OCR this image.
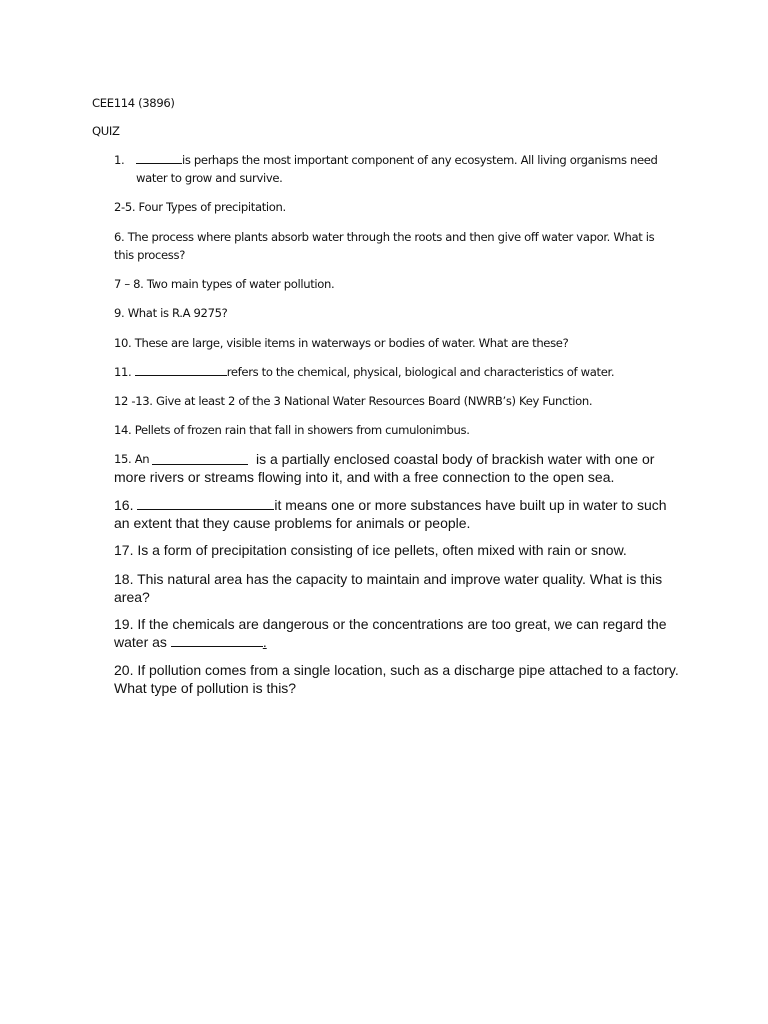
CEE114 (3896)
QUIZ
1.	is perhaps the most important component of any ecosystem. All living organisms need
water to grow and survive.
2-5. Four Types of precipitation.
6. The process where plants absorb water through the roots and then give off water vapor. What is
this process?
7 – 8. Two main types of water pollution.
9. What is R.A 9275?
10. These are large, visible items in waterways or bodies of water. What are these?
11.	refers to the chemical, physical, biological and characteristics of water.
12 -13. Give at least 2 of the 3 National Water Resources Board (NWRB’s) Key Function.
14. Pellets of frozen rain that fall in showers from cumulonimbus.
15. An	is a partially enclosed coastal body of brackish water with one or
more rivers or streams flowing into it, and with a free connection to the open sea.
16.	it means one or more substances have built up in water to such
an extent that they cause problems for animals or people.
17. Is a form of precipitation consisting of ice pellets, often mixed with rain or snow.
18. This natural area has the capacity to maintain and improve water quality. What is this
area?
19. If the chemicals are dangerous or the concentrations are too great, we can regard the
water as	.
20. If pollution comes from a single location, such as a discharge pipe attached to a factory.
What type of pollution is this?
